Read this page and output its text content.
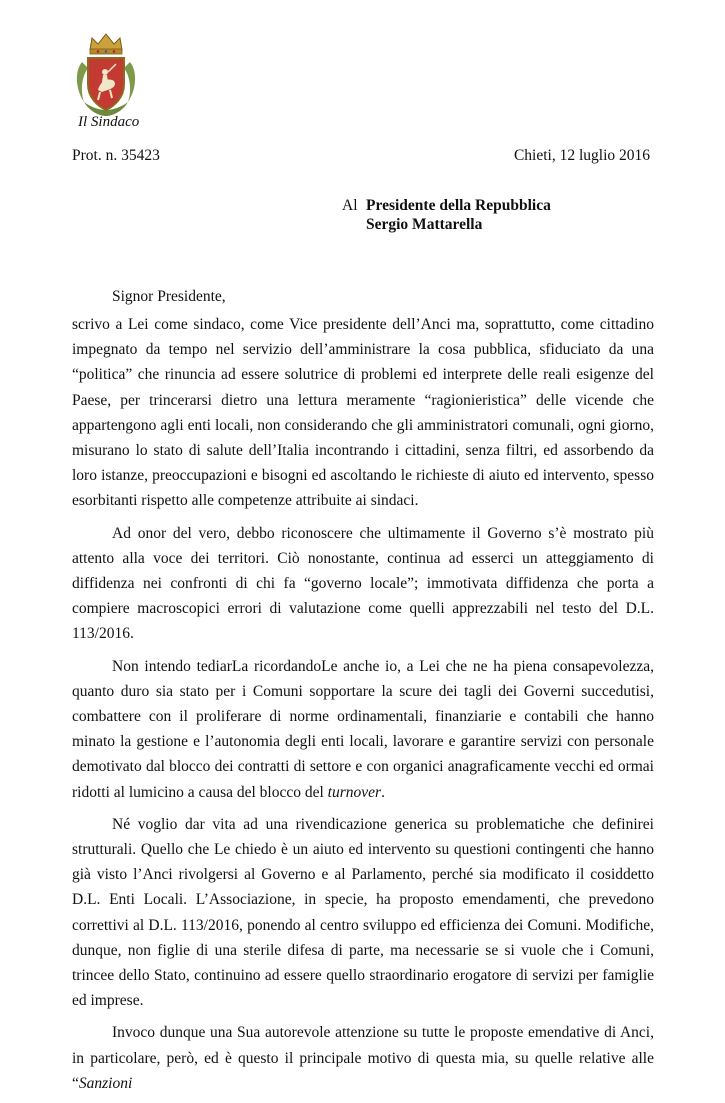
Il Sindaco
Prot. n. 35423	Chieti, 12 luglio 2016
Al Presidente della Repubblica
Sergio Mattarella
Signor Presidente,

scrivo a Lei come sindaco, come Vice presidente dell’Anci ma, soprattutto, come cittadino impegnato da tempo nel servizio dell’amministrare la cosa pubblica, sfiduciato da una “politica” che rinuncia ad essere solutrice di problemi ed interprete delle reali esigenze del Paese, per trincerarsi dietro una lettura meramente “ragionieristica” delle vicende che appartengono agli enti locali, non considerando che gli amministratori comunali, ogni giorno, misurano lo stato di salute dell’Italia incontrando i cittadini, senza filtri, ed assorbendo da loro istanze, preoccupazioni e bisogni ed ascoltando le richieste di aiuto ed intervento, spesso esorbitanti rispetto alle competenze attribuite ai sindaci.

Ad onor del vero, debbo riconoscere che ultimamente il Governo s’è mostrato più attento alla voce dei territori. Ciò nonostante, continua ad esserci un atteggiamento di diffidenza nei confronti di chi fa “governo locale”; immotivata diffidenza che porta a compiere macroscopici errori di valutazione come quelli apprezzabili nel testo del D.L. 113/2016.

Non intendo tediarLa ricordandoLe anche io, a Lei che ne ha piena consapevolezza, quanto duro sia stato per i Comuni sopportare la scure dei tagli dei Governi succedutisi, combattere con il proliferare di norme ordinamentali, finanziarie e contabili che hanno minato la gestione e l’autonomia degli enti locali, lavorare e garantire servizi con personale demotivato dal blocco dei contratti di settore e con organici anagraficamente vecchi ed ormai ridotti al lumicino a causa del blocco del turnover.

Né voglio dar vita ad una rivendicazione generica su problematiche che definirei strutturali. Quello che Le chiedo è un aiuto ed intervento su questioni contingenti che hanno già visto l’Anci rivolgersi al Governo e al Parlamento, perché sia modificato il cosiddetto D.L. Enti Locali. L’Associazione, in specie, ha proposto emendamenti, che prevedono correttivi al D.L. 113/2016, ponendo al centro sviluppo ed efficienza dei Comuni. Modifiche, dunque, non figlie di una sterile difesa di parte, ma necessarie se si vuole che i Comuni, trincee dello Stato, continuino ad essere quello straordinario erogatore di servizi per famiglie ed imprese.

Invoco dunque una Sua autorevole attenzione su tutte le proposte emendative di Anci, in particolare, però, ed è questo il principale motivo di questa mia, su quelle relative alle “Sanzioni
